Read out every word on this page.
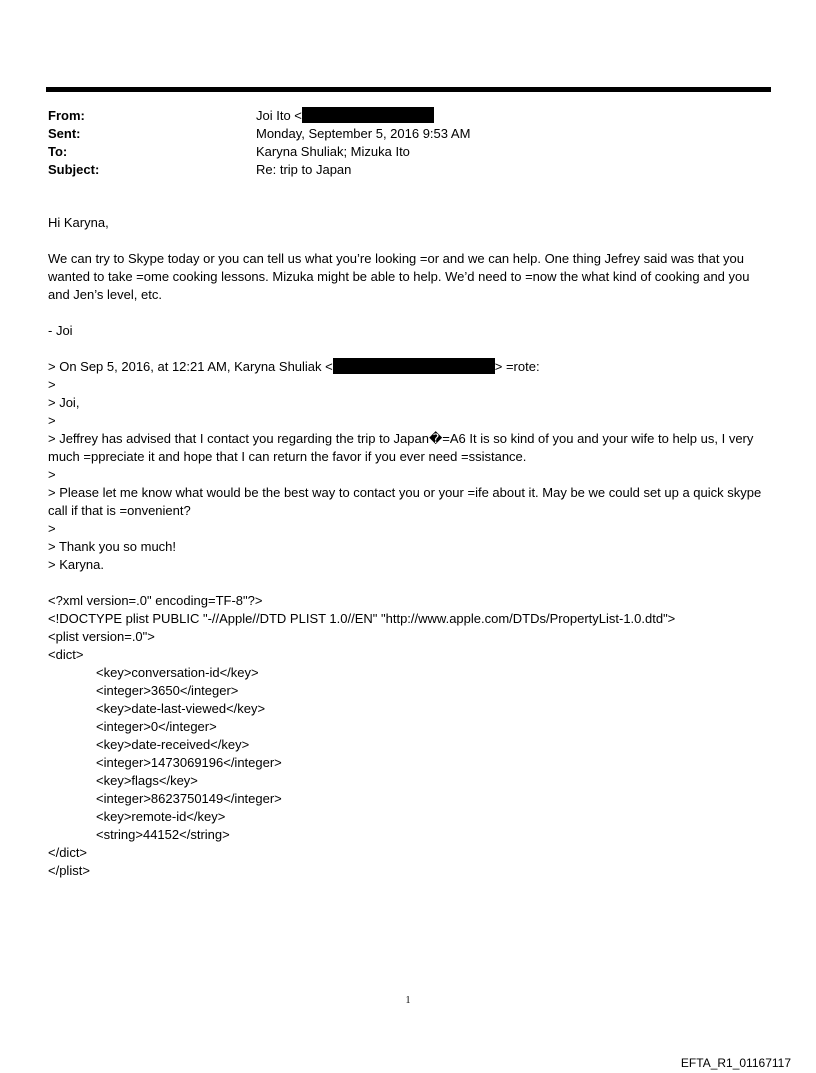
From:	Joi Ito <
Sent:	Monday, September 5, 2016 9:53 AM
To:	Karyna Shuliak; Mizuka Ito
Subject:	Re: trip to Japan

Hi Karyna,

We can try to Skype today or you can tell us what you’re looking =or and we can help. One thing Jefrey said was that you wanted to take =ome cooking lessons. Mizuka might be able to help. We’d need to =now the what kind of cooking and you and Jen’s level, etc.

- Joi

> On Sep 5, 2016, at 12:21 AM, Karyna Shuliak <	> =rote:

>

> Joi,

>

> Jeffrey has advised that I contact you regarding the trip to Japan�=A6 It is so kind of you and your wife to help us, I very much =ppreciate it and hope that I can return the favor if you ever need =ssistance.

>

> Please let me know what would be the best way to contact you or your =ife about it. May be we could set up a quick skype call if that is =onvenient?

>

> Thank you so much!

> Karyna.

<?xml version=.0" encoding=TF-8"?>

<!DOCTYPE plist PUBLIC "-//Apple//DTD PLIST 1.0//EN" "http://www.apple.com/DTDs/PropertyList-1.0.dtd">

<plist version=.0">

<dict>

<key>conversation-id</key>

<integer>3650</integer>

<key>date-last-viewed</key>

<integer>0</integer>

<key>date-received</key>

<integer>1473069196</integer>

<key>flags</key>

<integer>8623750149</integer>

<key>remote-id</key>

<string>44152</string>

</dict>

</plist>

1
EFTA_R1_01167117
